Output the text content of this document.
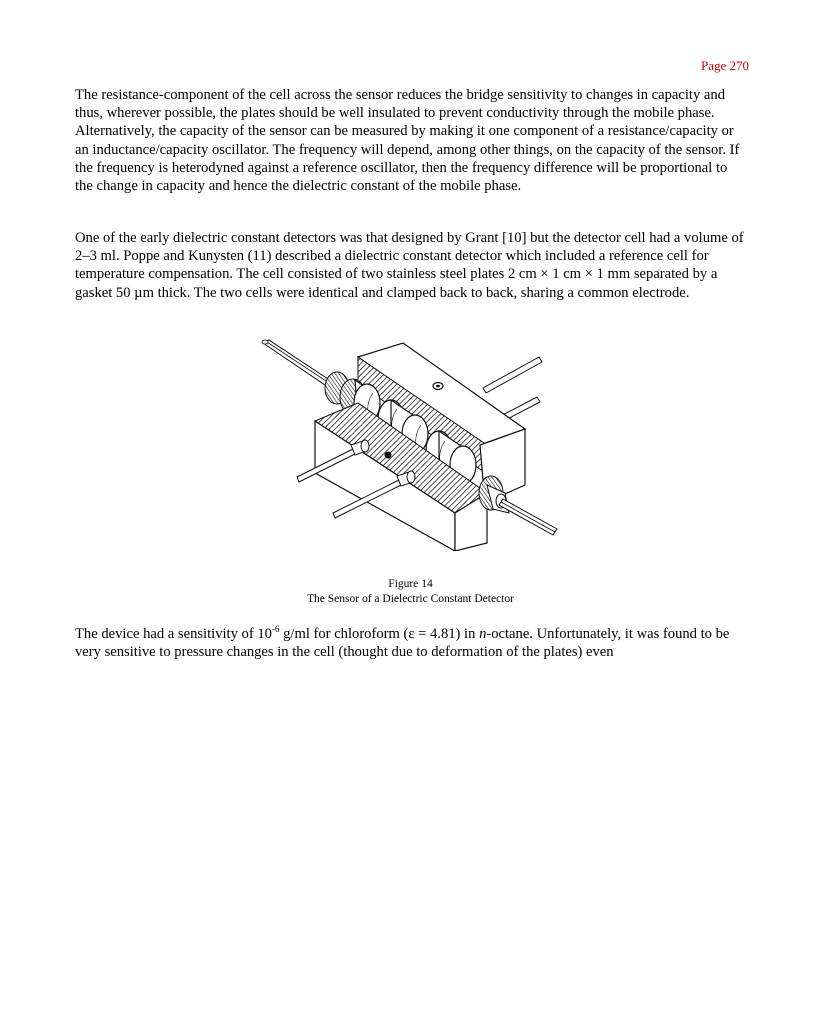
Page 270

The resistance-component of the cell across the sensor reduces the bridge sensitivity to changes in capacity and thus, wherever possible, the plates should be well insulated to prevent conductivity through the mobile phase. Alternatively, the capacity of the sensor can be measured by making it one component of a resistance/capacity or an inductance/capacity oscillator. The frequency will depend, among other things, on the capacity of the sensor. If the frequency is heterodyned against a reference oscillator, then the frequency difference will be proportional to the change in capacity and hence the dielectric constant of the mobile phase.

One of the early dielectric constant detectors was that designed by Grant [10] but the detector cell had a volume of 2–3 ml. Poppe and Kunysten (11) described a dielectric constant detector which included a reference cell for temperature compensation. The cell consisted of two stainless steel plates 2 cm × 1 cm × 1 mm separated by a gasket 50 µm thick. The two cells were identical and clamped back to back, sharing a common electrode.

Figure 14
The Sensor of a Dielectric Constant Detector

The device had a sensitivity of $10^{-6}$ g/ml for chloroform (ε = 4.81) in n-octane. Unfortunately, it was found to be very sensitive to pressure changes in the cell (thought due to deformation of the plates) even
